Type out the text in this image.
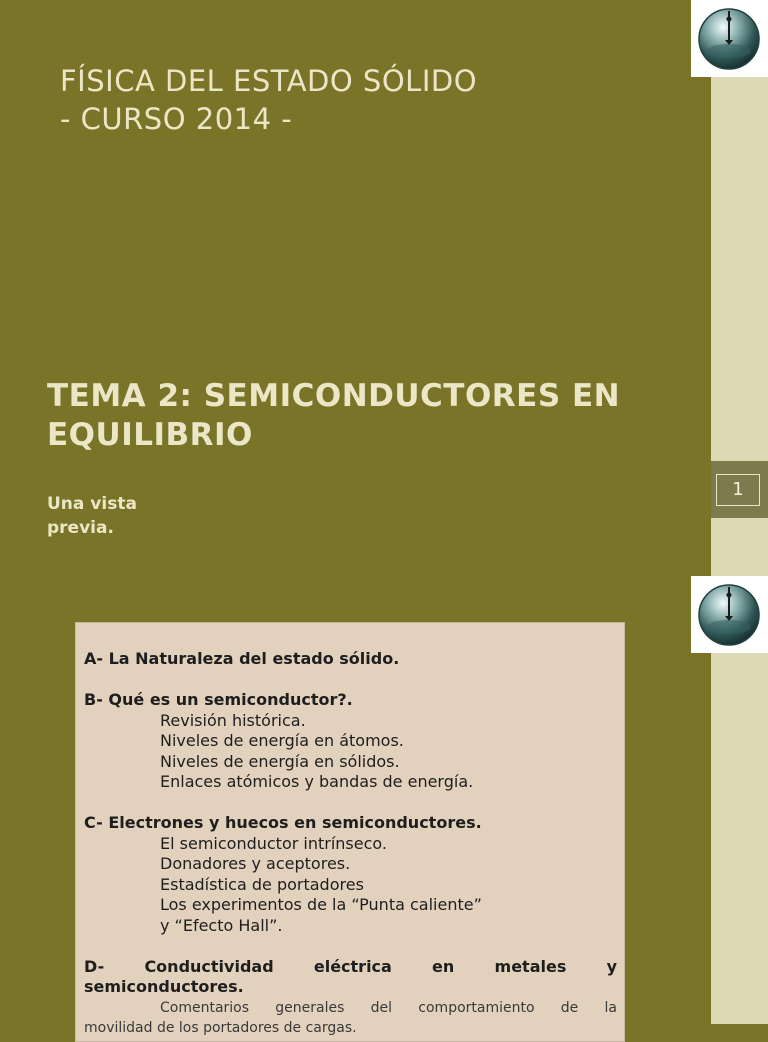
1
FÍSICA DEL ESTADO SÓLIDO
- CURSO 2014 -
TEMA 2: SEMICONDUCTORES EN EQUILIBRIO

Una vista previa.

A- La Naturaleza del estado sólido.

B- Qué es un semiconductor?.

Revisión histórica.

Niveles de energía en átomos.

Niveles de energía en sólidos.

Enlaces atómicos y bandas de energía.

C- Electrones y huecos en semiconductores.

El semiconductor intrínseco.

Donadores y aceptores.

Estadística de portadores

Los experimentos de la “Punta caliente”

y “Efecto Hall”.

D- Conductividad eléctrica en metales y

semiconductores.

Comentarios generales del comportamiento de la

movilidad de los portadores de cargas.
